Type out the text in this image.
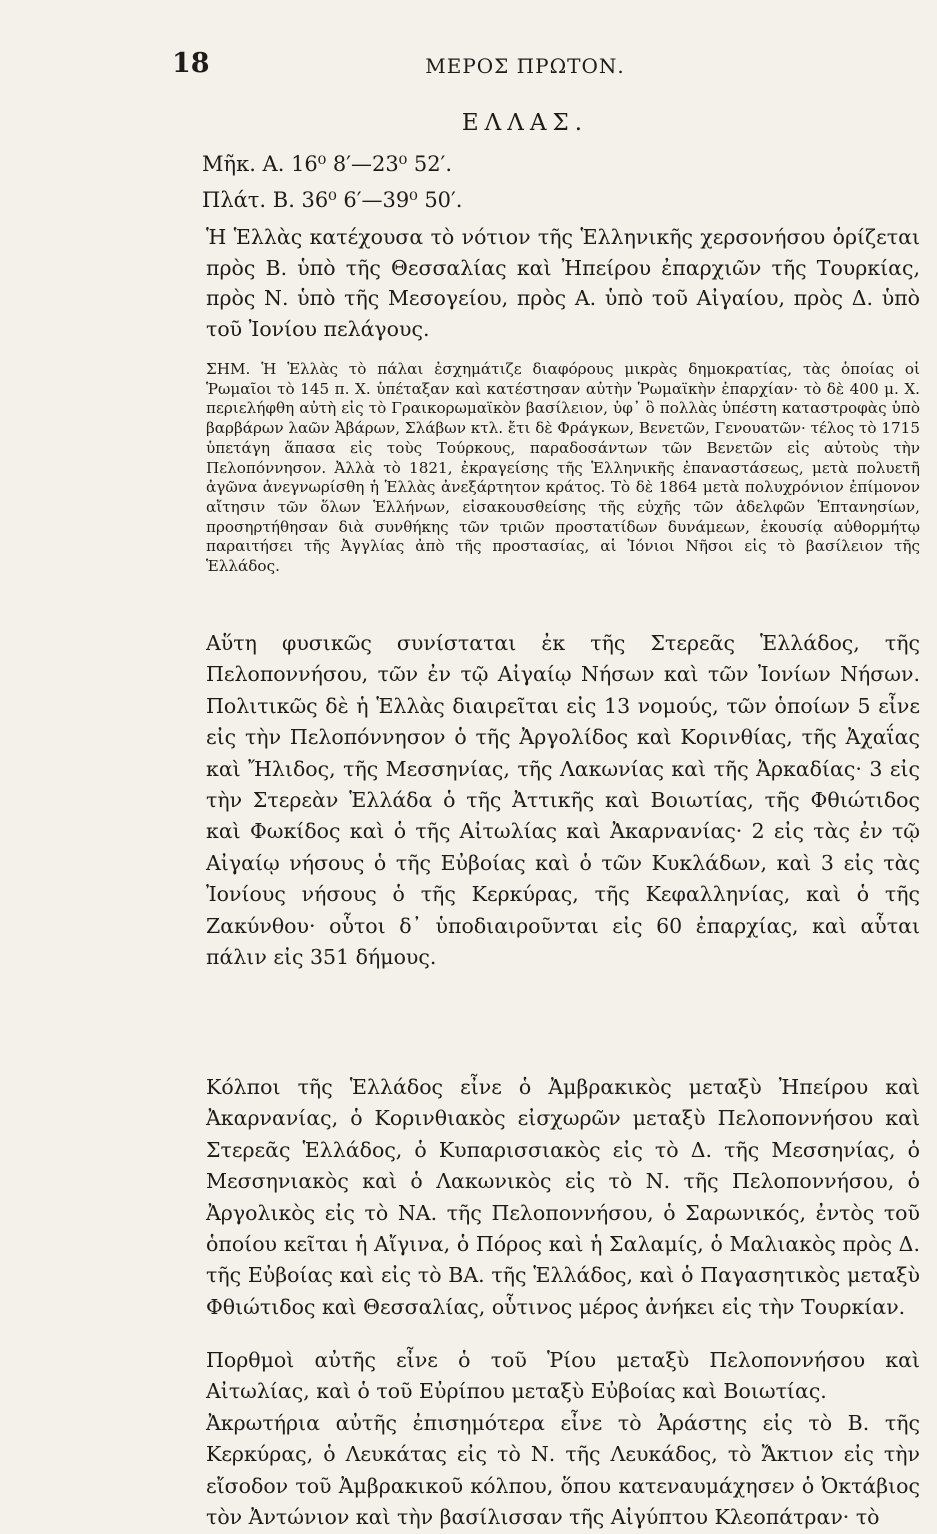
18	ΜΕΡΟΣ ΠΡΩΤΟΝ.
ΕΛΛΑΣ.
Μῆκ. Α. 16⁰ 8′—23⁰ 52′.
Πλάτ. Β. 36⁰ 6′—39⁰ 50′.
Ἡ Ἑλλὰς κατέχουσα τὸ νότιον τῆς Ἑλληνικῆς χερσονήσου ὁρίζεται πρὸς Β. ὑπὸ τῆς Θεσσαλίας καὶ Ἠπείρου ἐπαρχιῶν τῆς Τουρκίας, πρὸς Ν. ὑπὸ τῆς Μεσογείου, πρὸς Α. ὑπὸ τοῦ Αἰγαίου, πρὸς Δ. ὑπὸ τοῦ Ἰονίου πελάγους.
ΣΗΜ. Ἡ Ἑλλὰς τὸ πάλαι ἐσχημάτιζε διαφόρους μικρὰς δημοκρατίας, τὰς ὁποίας οἱ Ῥωμαῖοι τὸ 145 π. Χ. ὑπέταξαν καὶ κατέστησαν αὐτὴν Ῥωμαϊκὴν ἐπαρχίαν· τὸ δὲ 400 μ. Χ. περιελήφθη αὐτὴ εἰς τὸ Γραικορωμαϊκὸν βασίλειον, ὑφ᾽ ὃ πολλὰς ὑπέστη καταστροφὰς ὑπὸ βαρβάρων λαῶν Ἀβάρων, Σλάβων κτλ. ἔτι δὲ Φράγκων, Βενετῶν, Γενουατῶν· τέλος τὸ 1715 ὑπετάγη ἅπασα εἰς τοὺς Τούρκους, παραδοσάντων τῶν Βενετῶν εἰς αὐτοὺς τὴν Πελοπόννησον. Ἀλλὰ τὸ 1821, ἐκραγείσης τῆς Ἑλληνικῆς ἐπαναστάσεως, μετὰ πολυετῆ ἀγῶνα ἀνεγνωρίσθη ἡ Ἑλλὰς ἀνεξάρτητον κράτος. Τὸ δὲ 1864 μετὰ πολυχρόνιον ἐπίμονον αἴτησιν τῶν ὅλων Ἑλλήνων, εἰσακουσθείσης τῆς εὐχῆς τῶν ἀδελφῶν Ἑπτανησίων, προσηρτήθησαν διὰ συνθήκης τῶν τριῶν προστατίδων δυνάμεων, ἑκουσίᾳ αὐθορμήτῳ παραιτήσει τῆς Ἀγγλίας ἀπὸ τῆς προστασίας, αἱ Ἰόνιοι Νῆσοι εἰς τὸ βασίλειον τῆς Ἑλλάδος.
Αὕτη φυσικῶς συνίσταται ἐκ τῆς Στερεᾶς Ἑλλάδος, τῆς Πελοποννήσου, τῶν ἐν τῷ Αἰγαίῳ Νήσων καὶ τῶν Ἰονίων Νήσων. Πολιτικῶς δὲ ἡ Ἑλλὰς διαιρεῖται εἰς 13 νομούς, τῶν ὁποίων 5 εἶνε εἰς τὴν Πελοπόννησον ὁ τῆς Ἀργολίδος καὶ Κορινθίας, τῆς Ἀχαΐας καὶ Ἤλιδος, τῆς Μεσσηνίας, τῆς Λακωνίας καὶ τῆς Ἀρκαδίας· 3 εἰς τὴν Στερεὰν Ἑλλάδα ὁ τῆς Ἀττικῆς καὶ Βοιωτίας, τῆς Φθιώτιδος καὶ Φωκίδος καὶ ὁ τῆς Αἰτωλίας καὶ Ἀκαρνανίας· 2 εἰς τὰς ἐν τῷ Αἰγαίῳ νήσους ὁ τῆς Εὐβοίας καὶ ὁ τῶν Κυκλάδων, καὶ 3 εἰς τὰς Ἰονίους νήσους ὁ τῆς Κερκύρας, τῆς Κεφαλληνίας, καὶ ὁ τῆς Ζακύνθου· οὗτοι δ᾽ ὑποδιαιροῦνται εἰς 60 ἐπαρχίας, καὶ αὗται πάλιν εἰς 351 δήμους.
Κόλποι τῆς Ἑλλάδος εἶνε ὁ Ἀμβρακικὸς μεταξὺ Ἠπείρου καὶ Ἀκαρνανίας, ὁ Κορινθιακὸς εἰσχωρῶν μεταξὺ Πελοποννήσου καὶ Στερεᾶς Ἑλλάδος, ὁ Κυπαρισσιακὸς εἰς τὸ Δ. τῆς Μεσσηνίας, ὁ Μεσσηνιακὸς καὶ ὁ Λακωνικὸς εἰς τὸ Ν. τῆς Πελοποννήσου, ὁ Ἀργολικὸς εἰς τὸ ΝΑ. τῆς Πελοποννήσου, ὁ Σαρωνικός, ἐντὸς τοῦ ὁποίου κεῖται ἡ Αἴγινα, ὁ Πόρος καὶ ἡ Σαλαμίς, ὁ Μαλιακὸς πρὸς Δ. τῆς Εὐβοίας καὶ εἰς τὸ ΒΑ. τῆς Ἑλλάδος, καὶ ὁ Παγασητικὸς μεταξὺ Φθιώτιδος καὶ Θεσσαλίας, οὗτινος μέρος ἀνήκει εἰς τὴν Τουρκίαν.
Πορθμοὶ αὐτῆς εἶνε ὁ τοῦ Ῥίου μεταξὺ Πελοποννήσου καὶ Αἰτωλίας, καὶ ὁ τοῦ Εὐρίπου μεταξὺ Εὐβοίας καὶ Βοιωτίας.
Ἀκρωτήρια αὐτῆς ἐπισημότερα εἶνε τὸ Ἀράστης εἰς τὸ Β. τῆς Κερκύρας, ὁ Λευκάτας εἰς τὸ Ν. τῆς Λευκάδος, τὸ Ἄκτιον εἰς τὴν εἴσοδον τοῦ Ἀμβρακικοῦ κόλπου, ὅπου κατεναυμάχησεν ὁ Ὀκτάβιος τὸν Ἀντώνιον καὶ τὴν βασίλισσαν τῆς Αἰγύπτου Κλεοπάτραν· τὸ
